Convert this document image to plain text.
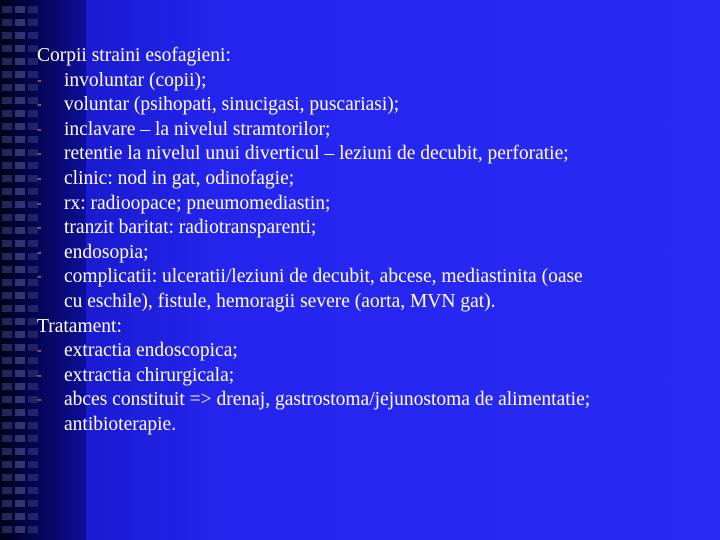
Corpii straini esofagieni:
-	involuntar (copii);
-	voluntar (psihopati, sinucigasi, puscariasi);
-	inclavare – la nivelul stramtorilor;
-	retentie la nivelul unui diverticul – leziuni de decubit, perforatie;
-	clinic: nod in gat, odinofagie;
-	rx: radioopace; pneumomediastin;
-	tranzit baritat: radiotransparenti;
-	endosopia;
-	complicatii: ulceratii/leziuni de decubit, abcese, mediastinita (oase
cu eschile), fistule, hemoragii severe (aorta, MVN gat).
Tratament:
-	extractia endoscopica;
-	extractia chirurgicala;
-	abces constituit => drenaj, gastrostoma/jejunostoma de alimentatie;
antibioterapie.
